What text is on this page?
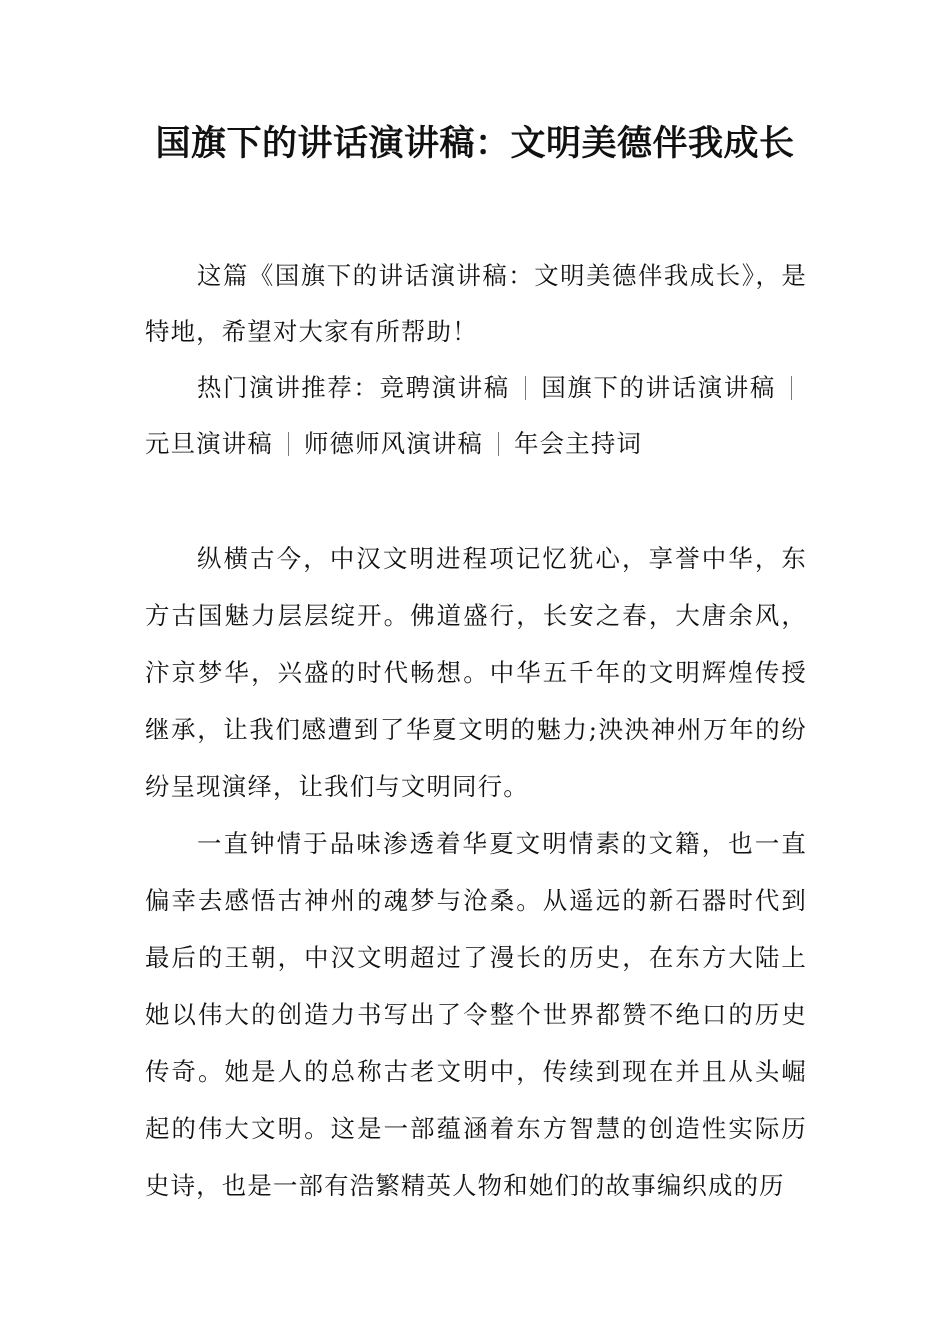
国旗下的讲话演讲稿：文明美德伴我成长

这篇《国旗下的讲话演讲稿：文明美德伴我成长》，是特地，希望对大家有所帮助！

热门演讲推荐：竞聘演讲稿 国旗下的讲话演讲稿元旦演讲稿 师德师风演讲稿 年会主持词

纵横古今，中汉文明进程项记忆犹心，享誉中华，东方古国魅力层层绽开。佛道盛行，长安之春，大唐余风，汴京梦华，兴盛的时代畅想。中华五千年的文明辉煌传授继承，让我们感遭到了华夏文明的魅力;泱泱神州万年的纷纷呈现演绎，让我们与文明同行。

一直钟情于品味渗透着华夏文明情素的文籍，也一直偏幸去感悟古神州的魂梦与沧桑。从遥远的新石器时代到最后的王朝，中汉文明超过了漫长的历史，在东方大陆上她以伟大的创造力书写出了令整个世界都赞不绝口的历史传奇。她是人的总称古老文明中，传续到现在并且从头崛起的伟大文明。这是一部蕴涵着东方智慧的创造性实际历史诗，也是一部有浩繁精英人物和她们的故事编织成的历
